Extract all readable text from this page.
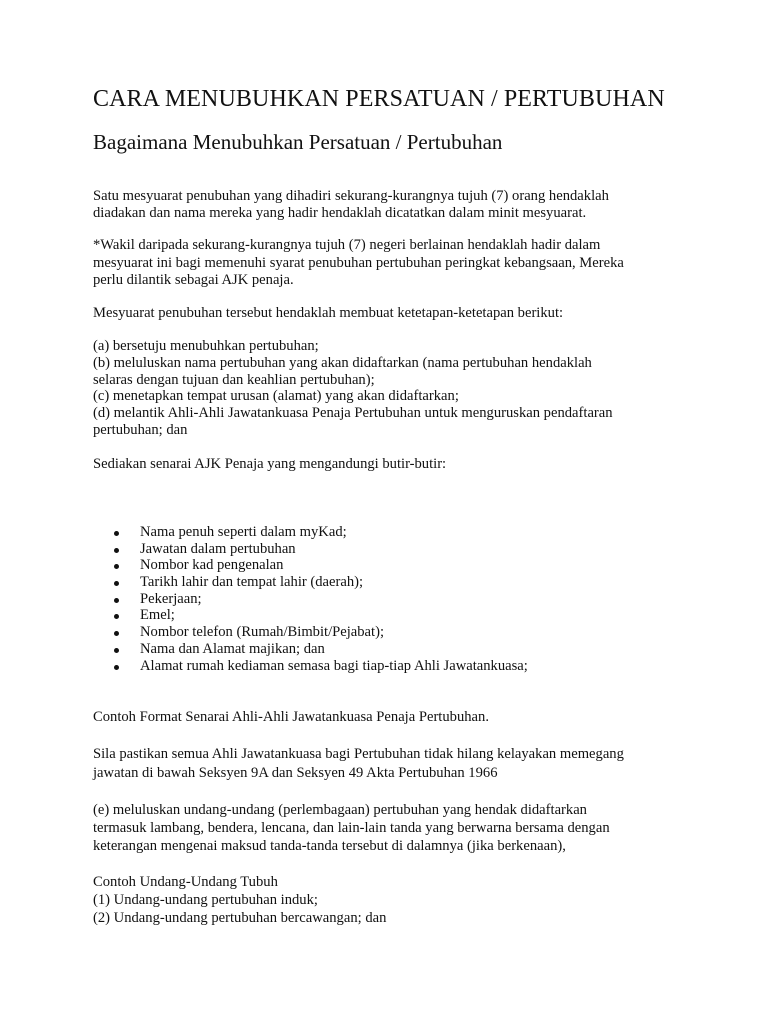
CARA MENUBUHKAN PERSATUAN / PERTUBUHAN
Bagaimana Menubuhkan Persatuan / Pertubuhan
Satu mesyuarat penubuhan yang dihadiri sekurang-kurangnya tujuh (7) orang hendaklah
diadakan dan nama mereka yang hadir hendaklah dicatatkan dalam minit mesyuarat.
*Wakil daripada sekurang-kurangnya tujuh (7) negeri berlainan hendaklah hadir dalam
mesyuarat ini bagi memenuhi syarat penubuhan pertubuhan peringkat kebangsaan, Mereka
perlu dilantik sebagai AJK penaja.
Mesyuarat penubuhan tersebut hendaklah membuat ketetapan-ketetapan berikut:
(a) bersetuju menubuhkan pertubuhan;
(b) meluluskan nama pertubuhan yang akan didaftarkan (nama pertubuhan hendaklah
selaras dengan tujuan dan keahlian pertubuhan);
(c) menetapkan tempat urusan (alamat) yang akan didaftarkan;
(d) melantik Ahli-Ahli Jawatankuasa Penaja Pertubuhan untuk menguruskan pendaftaran
pertubuhan; dan
Sediakan senarai AJK Penaja yang mengandungi butir-butir:
Nama penuh seperti dalam myKad;
Jawatan dalam pertubuhan
Nombor kad pengenalan
Tarikh lahir dan tempat lahir (daerah);
Pekerjaan;
Emel;
Nombor telefon (Rumah/Bimbit/Pejabat);
Nama dan Alamat majikan; dan
Alamat rumah kediaman semasa bagi tiap-tiap Ahli Jawatankuasa;
Contoh Format Senarai Ahli-Ahli Jawatankuasa Penaja Pertubuhan.
Sila pastikan semua Ahli Jawatankuasa bagi Pertubuhan tidak hilang kelayakan memegang
jawatan di bawah Seksyen 9A dan Seksyen 49 Akta Pertubuhan 1966
(e) meluluskan undang-undang (perlembagaan) pertubuhan yang hendak didaftarkan
termasuk lambang, bendera, lencana, dan lain-lain tanda yang berwarna bersama dengan
keterangan mengenai maksud tanda-tanda tersebut di dalamnya (jika berkenaan),
Contoh Undang-Undang Tubuh
(1) Undang-undang pertubuhan induk;
(2) Undang-undang pertubuhan bercawangan; dan
